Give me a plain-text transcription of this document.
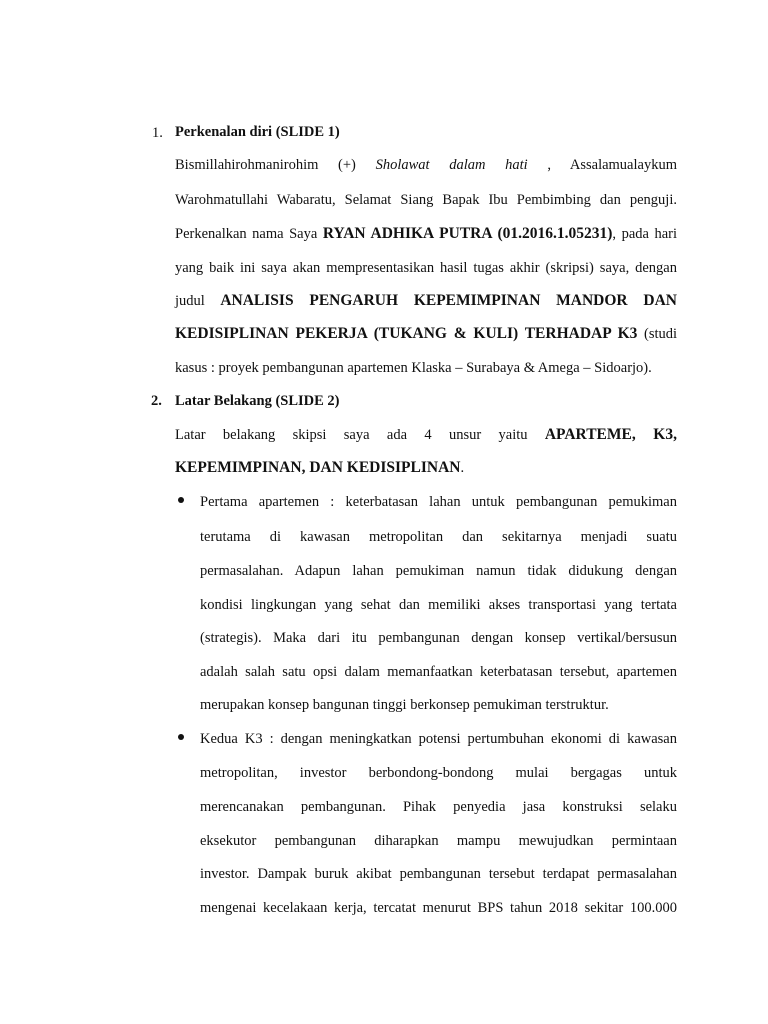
1. Perkenalan diri (SLIDE 1)
Bismillahirohmanirohim (+) Sholawat dalam hati , Assalamualaykum
Warohmatullahi Wabaratu, Selamat Siang Bapak Ibu Pembimbing dan penguji.
Perkenalkan nama Saya RYAN ADHIKA PUTRA (01.2016.1.05231), pada hari
yang baik ini saya akan mempresentasikan hasil tugas akhir (skripsi) saya, dengan
judul ANALISIS PENGARUH KEPEMIMPINAN MANDOR DAN
KEDISIPLINAN PEKERJA (TUKANG & KULI) TERHADAP K3 (studi
kasus : proyek pembangunan apartemen Klaska – Surabaya & Amega – Sidoarjo).
2. Latar Belakang (SLIDE 2)
Latar belakang skipsi saya ada 4 unsur yaitu APARTEME, K3,
KEPEMIMPINAN, DAN KEDISIPLINAN.
Pertama apartemen : keterbatasan lahan untuk pembangunan pemukiman
terutama di kawasan metropolitan dan sekitarnya menjadi suatu
permasalahan. Adapun lahan pemukiman namun tidak didukung dengan
kondisi lingkungan yang sehat dan memiliki akses transportasi yang tertata
(strategis). Maka dari itu pembangunan dengan konsep vertikal/bersusun
adalah salah satu opsi dalam memanfaatkan keterbatasan tersebut, apartemen
merupakan konsep bangunan tinggi berkonsep pemukiman terstruktur.
Kedua K3 : dengan meningkatkan potensi pertumbuhan ekonomi di kawasan
metropolitan, investor berbondong-bondong mulai bergagas untuk
merencanakan pembangunan. Pihak penyedia jasa konstruksi selaku
eksekutor pembangunan diharapkan mampu mewujudkan permintaan
investor. Dampak buruk akibat pembangunan tersebut terdapat permasalahan
mengenai kecelakaan kerja, tercatat menurut BPS tahun 2018 sekitar 100.000
